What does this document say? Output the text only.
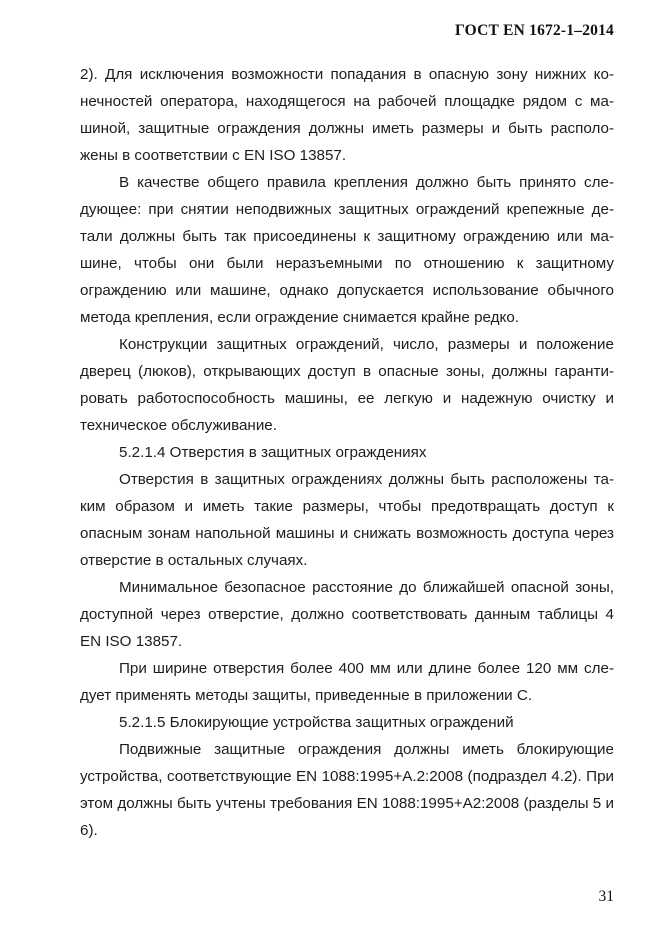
ГОСТ EN 1672-1–2014

2). Для исключения возможности попадания в опасную зону нижних конечностей оператора, находящегося на рабочей площадке рядом с машиной, защитные ограждения должны иметь размеры и быть расположены в соответствии с EN ISO 13857.

В качестве общего правила крепления должно быть принято следующее: при снятии неподвижных защитных ограждений крепежные детали должны быть так присоединены к защитному ограждению или машине, чтобы они были неразъемными по отношению к защитному ограждению или машине, однако допускается использование обычного метода крепления, если ограждение снимается крайне редко.

Конструкции защитных ограждений, число, размеры и положение дверец (люков), открывающих доступ в опасные зоны, должны гарантировать работоспособность машины, ее легкую и надежную очистку и техническое обслуживание.

5.2.1.4 Отверстия в защитных ограждениях

Отверстия в защитных ограждениях должны быть расположены таким образом и иметь такие размеры, чтобы предотвращать доступ к опасным зонам напольной машины и снижать возможность доступа через отверстие в остальных случаях.

Минимальное безопасное расстояние до ближайшей опасной зоны, доступной через отверстие, должно соответствовать данным таблицы 4 EN ISO 13857.

При ширине отверстия более 400 мм или длине более 120 мм следует применять методы защиты, приведенные в приложении С.

5.2.1.5 Блокирующие устройства защитных ограждений

Подвижные защитные ограждения должны иметь блокирующие устройства, соответствующие EN 1088:1995+A.2:2008 (подраздел 4.2). При этом должны быть учтены требования EN 1088:1995+A2:2008 (разделы 5 и 6).

31
